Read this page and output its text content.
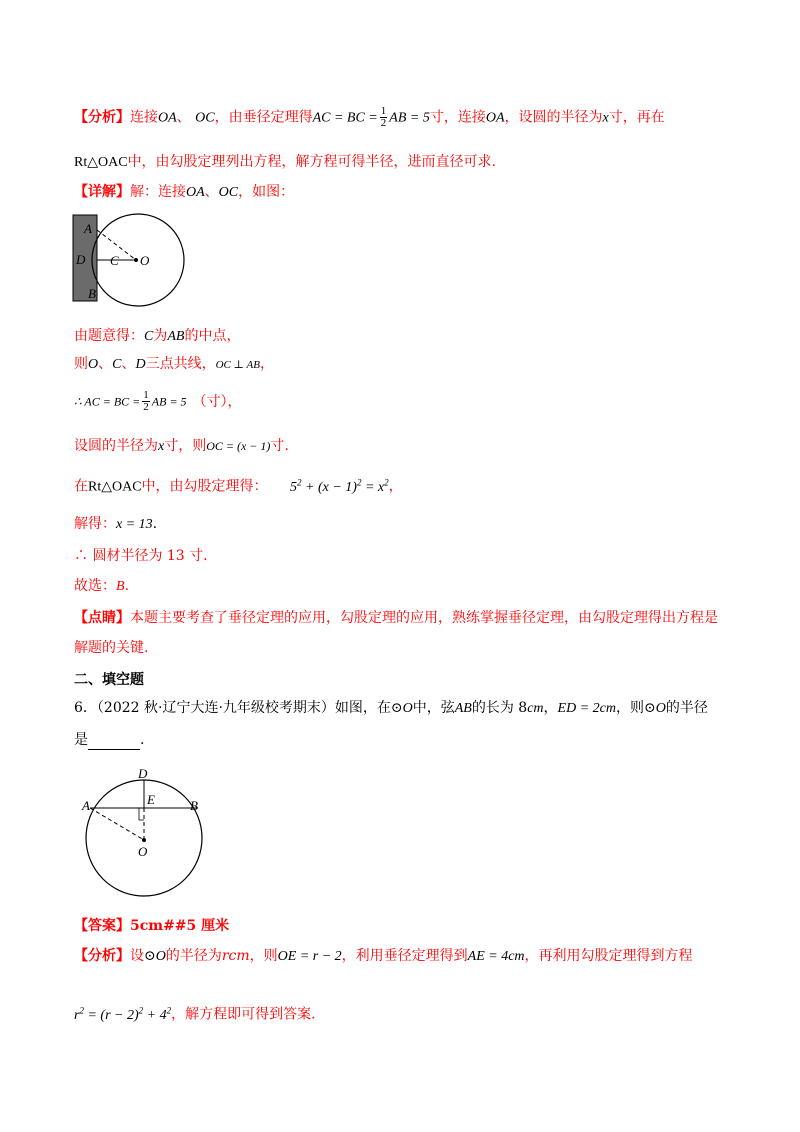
【分析】连接OA、 OC，由垂径定理得AC = BC = $\frac{1}{2}$ AB = 5寸，连接OA，设圆的半径为x寸，再在
Rt△OAC中，由勾股定理列出方程，解方程可得半径，进而直径可求.
【详解】解：连接OA、OC，如图：
A
D C O
B
由题意得：C为AB的中点，
则O、C、D三点共线，OC ⊥ AB，
∴ AC = BC = $\frac{1}{2}$ AB = 5 （寸），
设圆的半径为x寸，则OC = (x − 1)寸.
在Rt△OAC中，由勾股定理得： $5^2 + (x - 1)^2 = x^2$，
解得：x = 13.
∴ 圆材半径为 13 寸.
故选：B.
【点睛】本题主要考查了垂径定理的应用，勾股定理的应用，熟练掌握垂径定理，由勾股定理得出方程是
解题的关键.
二、填空题
6．（2022 秋·辽宁大连·九年级校考期末）如图，在⊙O中，弦AB的长为 8cm，ED = 2cm，则⊙O的半径
是	.
D
A	E	B
O
【答案】5cm##5 厘米
【分析】设⊙O的半径为rcm，则OE = r − 2，利用垂径定理得到AE = 4cm，再利用勾股定理得到方程
$r^2 = (r - 2)^2 + 4^2$，解方程即可得到答案.
